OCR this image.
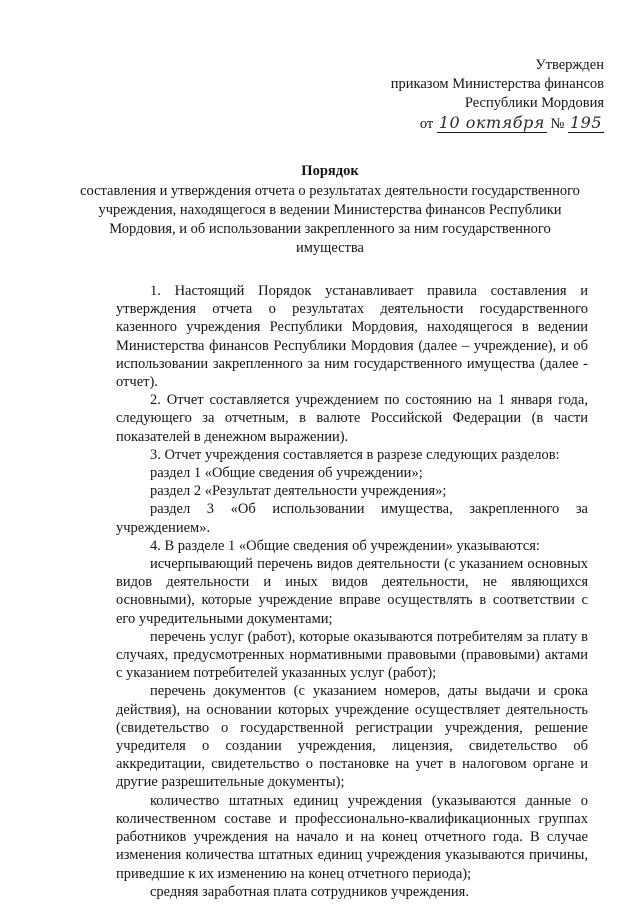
Утвержден
приказом Министерства финансов
Республики Мордовия
от 10 октября № 195
Порядок
составления и утверждения отчета о результатах деятельности государственного учреждения, находящегося в ведении Министерства финансов Республики Мордовия, и об использовании закрепленного за ним государственного имущества

1. Настоящий Порядок устанавливает правила составления и утверждения отчета о результатах деятельности государственного казенного учреждения Республики Мордовия, находящегося в ведении Министерства финансов Республики Мордовия (далее – учреждение), и об использовании закрепленного за ним государственного имущества (далее - отчет).

2. Отчет составляется учреждением по состоянию на 1 января года, следующего за отчетным, в валюте Российской Федерации (в части показателей в денежном выражении).

3. Отчет учреждения составляется в разрезе следующих разделов:

раздел 1 «Общие сведения об учреждении»;

раздел 2 «Результат деятельности учреждения»;

раздел 3 «Об использовании имущества, закрепленного за учреждением».

4. В разделе 1 «Общие сведения об учреждении» указываются:

исчерпывающий перечень видов деятельности (с указанием основных видов деятельности и иных видов деятельности, не являющихся основными), которые учреждение вправе осуществлять в соответствии с его учредительными документами;

перечень услуг (работ), которые оказываются потребителям за плату в случаях, предусмотренных нормативными правовыми (правовыми) актами с указанием потребителей указанных услуг (работ);

перечень документов (с указанием номеров, даты выдачи и срока действия), на основании которых учреждение осуществляет деятельность (свидетельство о государственной регистрации учреждения, решение учредителя о создании учреждения, лицензия, свидетельство об аккредитации, свидетельство о постановке на учет в налоговом органе и другие разрешительные документы);

количество штатных единиц учреждения (указываются данные о количественном составе и профессионально-квалификационных группах работников учреждения на начало и на конец отчетного года. В случае изменения количества штатных единиц учреждения указываются причины, приведшие к их изменению на конец отчетного периода);

средняя заработная плата сотрудников учреждения.
